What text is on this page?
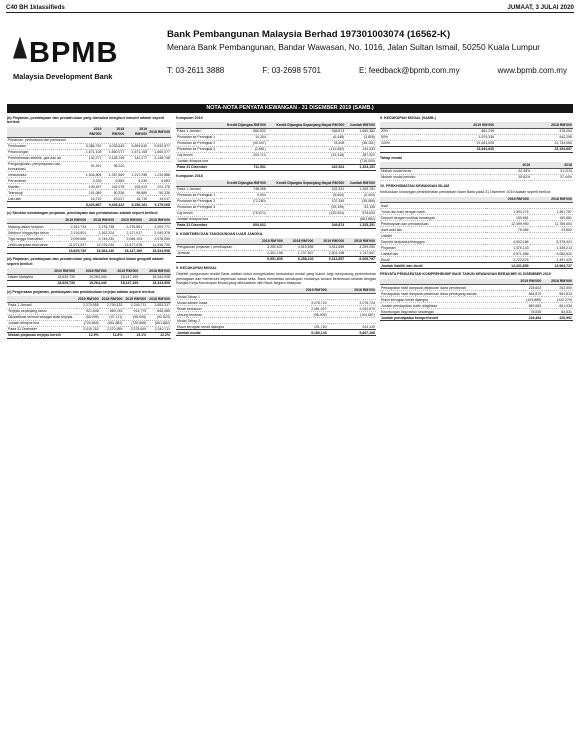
C40 BH 1klassifieds	JUMAAT, 3 JULAI 2020
BPMB
Malaysia Development Bank
Bank Pembangunan Malaysia Berhad 197301003074 (16562-K)
Menara Bank Pembangunan, Bandar Wawasan, No. 1016, Jalan Sultan Ismail, 50250 Kuala Lumpur
T: 03-2611 3888	F: 03-2698 5701	E: feedback@bpmb.com.my	www.bpmb.com.my
NOTA-NOTA PENYATA KEWANGAN - 31 DISEMBER 2019 (SAMB.)
(b) Pinjaman, pembiayaan dan pendahuluan yang dianalisa mengikut industri adalah seperti berikut:
	2019 RM'000	2018 RM'000	2019 RM'000	2018 RM'000
Pertanian, perhutanan dan perikanan				
Pembuatan	3,386,752	4,033,549	6,899,049	9,532,577
Pelancongan	1,671,108	1,660,077	1,671,108	1,660,077
Perkhidmatan elektrik, gas dan air	142,277	2,148,748	142,277	2,148,748
Pengangkutan, penyimpanan dan komunikasi	91,921	98,220		
Infrastruktur	1,544,804	1,357,669	1,217,298	1,219,888
Perumahan	5,239	6,583	5,239	6,583
Maritim	105,457	242,078	105,023	222,178
Teknologi	101,089	50,336	98,889	50,336
Lain-lain	16,719	19,017	16,719	19,017
	8,423,667	9,426,432	8,156,161	9,175,008
(c) Struktur kematangan pinjaman, pembiayaan dan pendahuluan adalah seperti berikut:
	2019 RM'000	2018 RM'000	2019 RM'000	2018 RM'000
Matang dalam setahun	2,341,733	2,276,738	2,276,581	2,209,771
Setahun hingga tiga tahun	2,216,801	2,162,224	2,127,917	2,040,378
Tiga hingga lima tahun	2,099,669	2,749,234	2,065,193	2,678,059
Lebih daripada lima tahun	11,971,527	12,076,244	11,677,478	11,416,700
	18,629,730	19,264,440	18,147,169	18,344,908
(d) Pinjaman, pembiayaan dan pendahuluan yang dianalisa mengikut lokasi geografi adalah seperti berikut:
	2019 RM'000	2018 RM'000	2019 RM'000	2018 RM'000
Dalam Malaysia	18,629,730	19,264,440	18,147,169	18,344,908
	18,629,730	19,264,440	18,147,169	18,344,908
(e) Pergerakan pinjaman, pembiayaan dan pendahuluan terjejas adalah seperti berikut:
	2019 RM'000	2018 RM'000	2019 RM'000	2018 RM'000
Pada 1 Januari	2,270,955	2,709,132	2,240,711	2,653,317
Terjejas sepanjang tahun	921,648	860,745	914,779	845,085
Diklasifikasi semula sebagai tidak terjejas	(55,995)	(97,171)	(55,995)	(92,523)
Jumlah dihapus kira	(720,846)	(561,882)	(720,846)	(561,882)
Pada 31 Disember	2,415,762	2,270,955	2,378,649	2,240,711
Nisbah pinjaman terjejas bersih	12.9%	11.8%	13.1%	12.2%
Kumpulan 2019
	Kredit Dijangka RM'000	Kredit Dijangka Sepanjang Hayat RM'000	Jumlah RM'000
Pada 1 Januari	560,632	348,874	1,660,382
Pindahan ke Peringkat 1	10,254	(6,446)	(3,808)
Pindahan ke Peringkat 2	(40,347)	78,498	(38,151)
Pindahan ke Peringkat 3	(2,681)	(131,652)	134,333
Caj bersih	200,713	(43,316)	287,922
Jumlah dihapus kira	-	-	(716,000)
Pada 31 Disember	711,531	422,524	1,324,151
Kumpulan 2018
	Kredit Dijangka RM'000	Kredit Dijangka Sepanjang Hayat RM'000	Jumlah RM'000
Pada 1 Januari	748,458	422,331	1,295,781
Pindahan ke Peringkat 1	9,004	(6,604)	(2,400)
Pindahan ke Peringkat 2	(72,260)	107,346	(35,086)
Pindahan ke Peringkat 3	-	(53,195)	53,195
Caj bersih	(75,570)	(120,004)	575,643
Jumlah dihapus kira	-	-	(561,882)
Pada 31 Disember	609,632	349,874	1,325,251
8. KOMITMEN DAN TANGGUNGAN LUAR JANGKA
	2019 RM'000	2018 RM'000	2019 RM'000	2018 RM'000
Pengaturan pinjaman / pembiayaan	3,250,637	4,510,555	3,011,659	4,259,250
Jaminan	2,301,198	1,747,547	2,301,198	1,747,547
	5,551,835	6,258,102	5,312,857	6,006,797
9. KECUKUPAN MODAL
Objektif pengurusan modal Bank adalah untuk mengekalkan kedudukan modal yang kukuh bagi menyokong pertumbuhan perniagaan dan memenuhi keperluan kawal selia. Bank memantau kecukupan modalnya secara berterusan selaras dengan Rangka Kerja Kecukupan Modal yang dikeluarkan oleh Bank Negara Malaysia.
	2019 RM'000	2018 RM'000
Modal Tahap 1		
Modal saham biasa	3,078,724	3,078,724
Rizab berkanun	2,081,927	2,032,879
Untung tertahan	(98,905)	(104,687)
Modal Tahap 2		
Elaun kerugian kredit dijangka	191,764	224,129
Jumlah modal	5,180,143	5,647,168
9. KECUKUPAN MODAL (SAMB.)
	2019 RM'000	2018 RM'000
20%	861,239	478,294
50%	1,579,336	942,298
100%	21,641,005	21,734,065
	23,642,630	23,154,657
Tahap modal
	2019	2018
Nisbah modal teras	32.35%	31.21%
Nisbah modal berisiko	35.62%	37.44%
10. PERKHIDMATAN KEWANGAN ISLAM
Kedudukan kewangan perkhidmatan perbankan Islam Bank pada 31 Disember 2019 adalah seperti berikut:
	2019 RM'000	2018 RM'000
Aset		
Tunai dan baki dengan bank	1,394,176	1,361,787
Deposit dengan institusi kewangan	150,681	150,681
Pembiayaan dan pendahuluan	12,399,990	11,789,604
Aset-aset lain	76,084	23,652
Liabiliti		
Deposit daripada pelanggan	4,902,186	5,375,924
Pinjaman	1,375,143	1,339,213
Liabiliti lain	9,571,966	9,082,620
Ekuiti	1,722,476	1,497,420
Jumlah liabiliti dan ekuiti	14,401,659	13,964,727
PENYATA PENDAPATAN KOMPREHENSIF BAGI TAHUN KEWANGAN BERAKHIR 31 DISEMBER 2019
	2019 RM'000	2018 RM'000
Pendapatan hasil daripada pelaburan dana pendeposit	218,602	242,400
Pendapatan hasil daripada pelaburan dana pemegang saham	664,870	561,813
Elaun kerugian kredit dijangka	(193,889)	(142,279)
Jumlah pendapatan boleh diagihkan	689,583	661,934
Keuntungan bagi tahun kewangan	78,530	84,531
Jumlah pendapatan komprehensif	216,484	220,991
